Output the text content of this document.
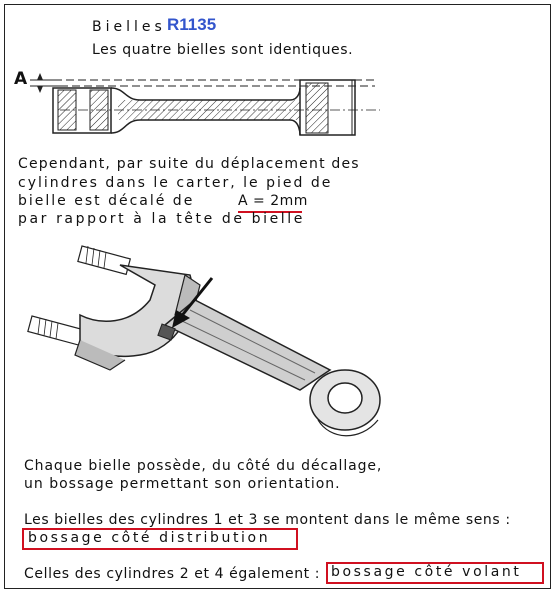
Bielles R1135
Les quatre bielles sont identiques.
A
Cependant, par suite du déplacement des
cylindres dans le carter, le pied de
bielle est décalé de	A = 2mm
par rapport à la tête de bielle
Chaque bielle possède, du côté du décallage,
un bossage permettant son orientation.
Les bielles des cylindres 1 et 3 se montent dans le même sens :
bossage côté distribution
Celles des cylindres 2 et 4 également : bossage côté volant
